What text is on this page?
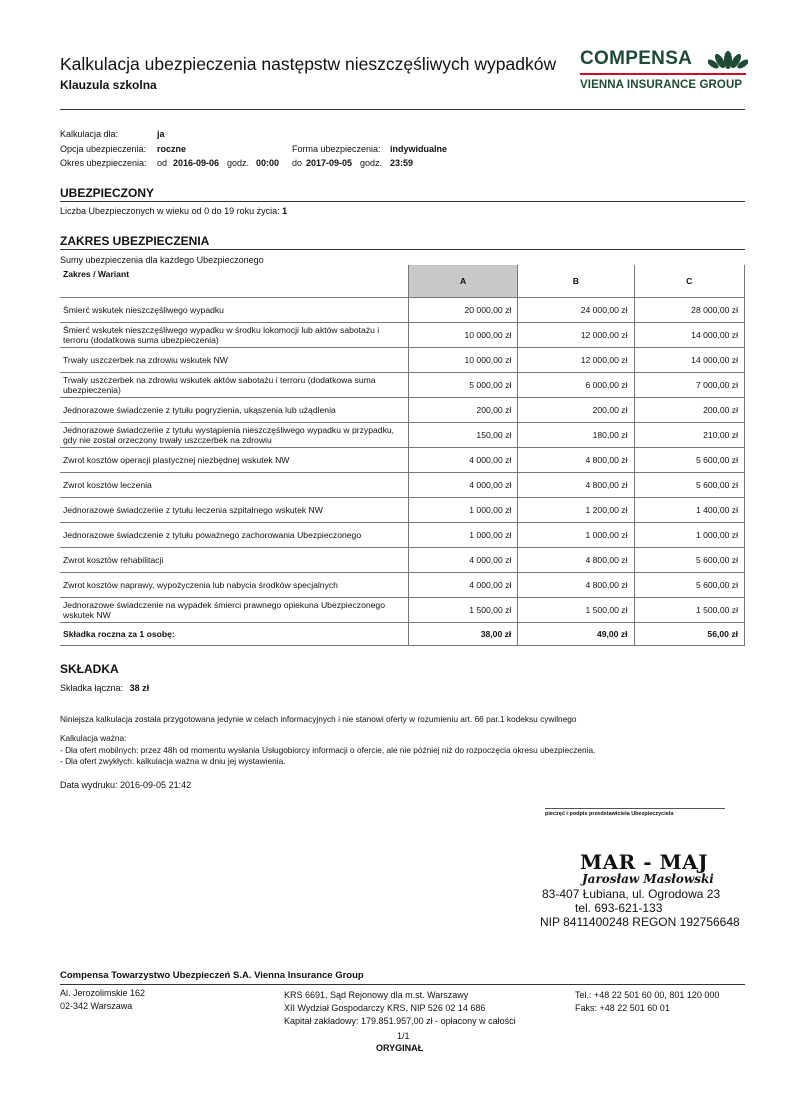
Kalkulacja ubezpieczenia następstw nieszczęśliwych wypadków
Klauzula szkolna
COMPENSA
VIENNA INSURANCE GROUP
Kalkulacja dla:	ja
Opcja ubezpieczenia: roczne	Forma ubezpieczenia: indywidualne
Okres ubezpieczenia: od 2016-09-06 godz. 00:00 do 2017-09-05 godz. 23:59
UBEZPIECZONY
Liczba Ubezpieczonych w wieku od 0 do 19 roku życia: 1
ZAKRES UBEZPIECZENIA
Sumy ubezpieczenia dla każdego Ubezpieczonego
Zakres / Wariant	A	B	C
Śmierć wskutek nieszczęśliwego wypadku	20 000,00 zł	24 000,00 zł	28 000,00 zł
Śmierć wskutek nieszczęśliwego wypadku w środku lokomocji lub aktów sabotażu i terroru (dodatkowa suma ubezpieczenia)	10 000,00 zł	12 000,00 zł	14 000,00 zł
Trwały uszczerbek na zdrowiu wskutek NW	10 000,00 zł	12 000,00 zł	14 000,00 zł
Trwały uszczerbek na zdrowiu wskutek aktów sabotażu i terroru (dodatkowa suma ubezpieczenia)	5 000,00 zł	6 000,00 zł	7 000,00 zł
Jednorazowe świadczenie z tytułu pogryzienia, ukąszenia lub użądlenia	200,00 zł	200,00 zł	200,00 zł
Jednorazowe świadczenie z tytułu wystąpienia nieszczęśliwego wypadku w przypadku, gdy nie został orzeczony trwały uszczerbek na zdrowiu	150,00 zł	180,00 zł	210,00 zł
Zwrot kosztów operacji plastycznej niezbędnej wskutek NW	4 000,00 zł	4 800,00 zł	5 600,00 zł
Zwrot kosztów leczenia	4 000,00 zł	4 800,00 zł	5 600,00 zł
Jednorazowe świadczenie z tytułu leczenia szpitalnego wskutek NW	1 000,00 zł	1 200,00 zł	1 400,00 zł
Jednorazowe świadczenie z tytułu poważnego zachorowania Ubezpieczonego	1 000,00 zł	1 000,00 zł	1 000,00 zł
Zwrot kosztów rehabilitacji	4 000,00 zł	4 800,00 zł	5 600,00 zł
Zwrot kosztów naprawy, wypożyczenia lub nabycia środków specjalnych	4 000,00 zł	4 800,00 zł	5 600,00 zł
Jednorazowe świadczenie na wypadek śmierci prawnego opiekuna Ubezpieczonego wskutek NW	1 500,00 zł	1 500,00 zł	1 500,00 zł
Składka roczna za 1 osobę:	38,00 zł	49,00 zł	56,00 zł
SKŁADKA
Składka łączna: 38 zł
Niniejsza kalkulacja została przygotowana jedynie w celach informacyjnych i nie stanowi oferty w rozumieniu art. 66 par.1 kodeksu cywilnego
Kalkulacja ważna:
- Dla ofert mobilnych: przez 48h od momentu wysłania Usługobiorcy informacji o ofercie, ale nie później niż do rozpoczęcia okresu ubezpieczenia.
- Dla ofert zwykłych: kalkulacja ważna w dniu jej wystawienia.
Data wydruku: 2016-09-05 21:42
pieczęć i podpis przedstawiciela Ubezpieczyciela
MAR - MAJ
Jarosław Masłowski
83-407 Łubiana, ul. Ogrodowa 23
tel. 693-621-133
NIP 8411400248 REGON 192756648
Compensa Towarzystwo Ubezpieczeń S.A. Vienna Insurance Group
Al. Jerozolimskie 162
02-342 Warszawa
KRS 6691, Sąd Rejonowy dla m.st. Warszawy
XII Wydział Gospodarczy KRS, NIP 526 02 14 686
Kapitał zakładowy: 179.851.957,00 zł - opłacony w całości
Tel.: +48 22 501 60 00, 801 120 000
Faks: +48 22 501 60 01
1/1
ORYGINAŁ
